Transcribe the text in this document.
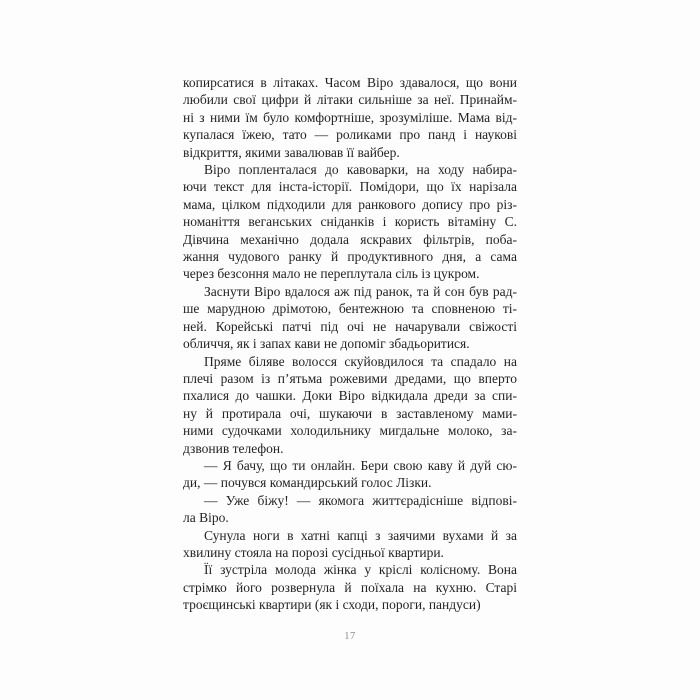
копирсатися в літаках. Часом Віро здавалося, що вони
любили свої цифри й літаки сильніше за неї. Принайм-
ні з ними їм було комфортніше, зрозуміліше. Мама від-
купалася їжею, тато — роликами про панд і наукові
відкриття, якими завалював її вайбер.
Віро попленталася до кавоварки, на ходу набира-
ючи текст для інста-історії. Помідори, що їх нарізала
мама, цілком підходили для ранкового допису про різ-
номаніття веганських сніданків і користь вітаміну С.
Дівчина механічно додала яскравих фільтрів, поба-
жання чудового ранку й продуктивного дня, а сама
через безсоння мало не переплутала сіль із цукром.
Заснути Віро вдалося аж під ранок, та й сон був рад-
ше марудною дрімотою, бентежною та сповненою ті-
ней. Корейські патчі під очі не начарували свіжості
обличчя, як і запах кави не допоміг збадьоритися.
Пряме біляве волосся скуйовдилося та спадало на
плечі разом із п’ятьма рожевими дредами, що вперто
пхалися до чашки. Доки Віро відкидала дреди за спи-
ну й протирала очі, шукаючи в заставленому мами-
ними судочками холодильнику мигдальне молоко, за-
дзвонив телефон.
— Я бачу, що ти онлайн. Бери свою каву й дуй сю-
ди, — почувся командирський голос Лізки.
— Уже біжу! — якомога життєрадісніше відпові-
ла Віро.
Сунула ноги в хатні капці з заячими вухами й за
хвилину стояла на порозі сусідньої квартири.
Її зустріла молода жінка у кріслі колісному. Вона
стрімко його розвернула й поїхала на кухню. Старі
троєщинські квартири (як і сходи, пороги, пандуси)
17
